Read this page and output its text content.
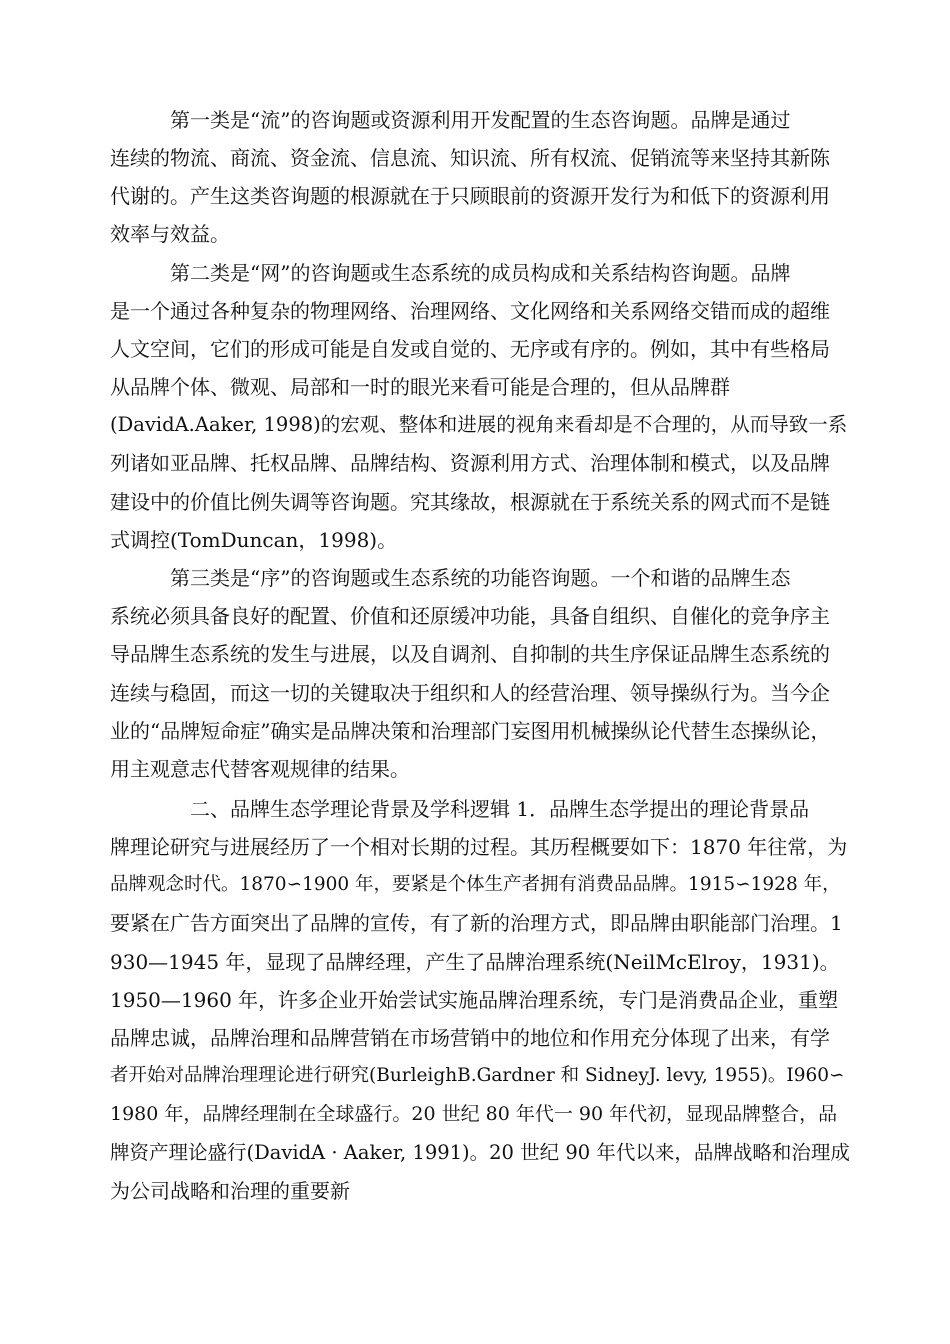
　　　第一类是“流”的咨询题或资源利用开发配置的生态咨询题。品牌是通过
连续的物流、商流、资金流、信息流、知识流、所有权流、促销流等来坚持其新陈
代谢的。产生这类咨询题的根源就在于只顾眼前的资源开发行为和低下的资源利用
效率与效益。
　　　第二类是“网”的咨询题或生态系统的成员构成和关系结构咨询题。品牌
是一个通过各种复杂的物理网络、治理网络、文化网络和关系网络交错而成的超维
人文空间，它们的形成可能是自发或自觉的、无序或有序的。例如，其中有些格局
从品牌个体、微观、局部和一时的眼光来看可能是合理的，但从品牌群
(DavidA.Aaker, 1998)的宏观、整体和进展的视角来看却是不合理的，从而导致一系
列诸如亚品牌、托权品牌、品牌结构、资源利用方式、治理体制和模式，以及品牌
建设中的价值比例失调等咨询题。究其缘故，根源就在于系统关系的网式而不是链
式调控(TomDuncan，1998)。
　　　第三类是“序”的咨询题或生态系统的功能咨询题。一个和谐的品牌生态
系统必须具备良好的配置、价值和还原缓冲功能，具备自组织、自催化的竞争序主
导品牌生态系统的发生与进展，以及自调剂、自抑制的共生序保证品牌生态系统的
连续与稳固，而这一切的关键取决于组织和人的经营治理、领导操纵行为。当今企
业的“品牌短命症”确实是品牌决策和治理部门妄图用机械操纵论代替生态操纵论，
用主观意志代替客观规律的结果。
　　　　二、品牌生态学理论背景及学科逻辑 1．品牌生态学提出的理论背景品
牌理论研究与进展经历了一个相对长期的过程。其历程概要如下：1870 年往常，为
品牌观念时代。1870∽1900 年，要紧是个体生产者拥有消费品品牌。1915∽1928 年，
要紧在广告方面突出了品牌的宣传，有了新的治理方式，即品牌由职能部门治理。1
930—1945 年，显现了品牌经理，产生了品牌治理系统(NeilMcElroy，1931)。
1950—1960 年，许多企业开始尝试实施品牌治理系统，专门是消费品企业，重塑
品牌忠诚，品牌治理和品牌营销在市场营销中的地位和作用充分体现了出来，有学
者开始对品牌治理理论进行研究(BurleighB.Gardner 和 SidneyJ. levy, 1955)。I960∽
1980 年，品牌经理制在全球盛行。20 世纪 80 年代一 90 年代初，显现品牌整合，品
牌资产理论盛行(DavidA · Aaker, 1991)。20 世纪 90 年代以来，品牌战略和治理成
为公司战略和治理的重要新
